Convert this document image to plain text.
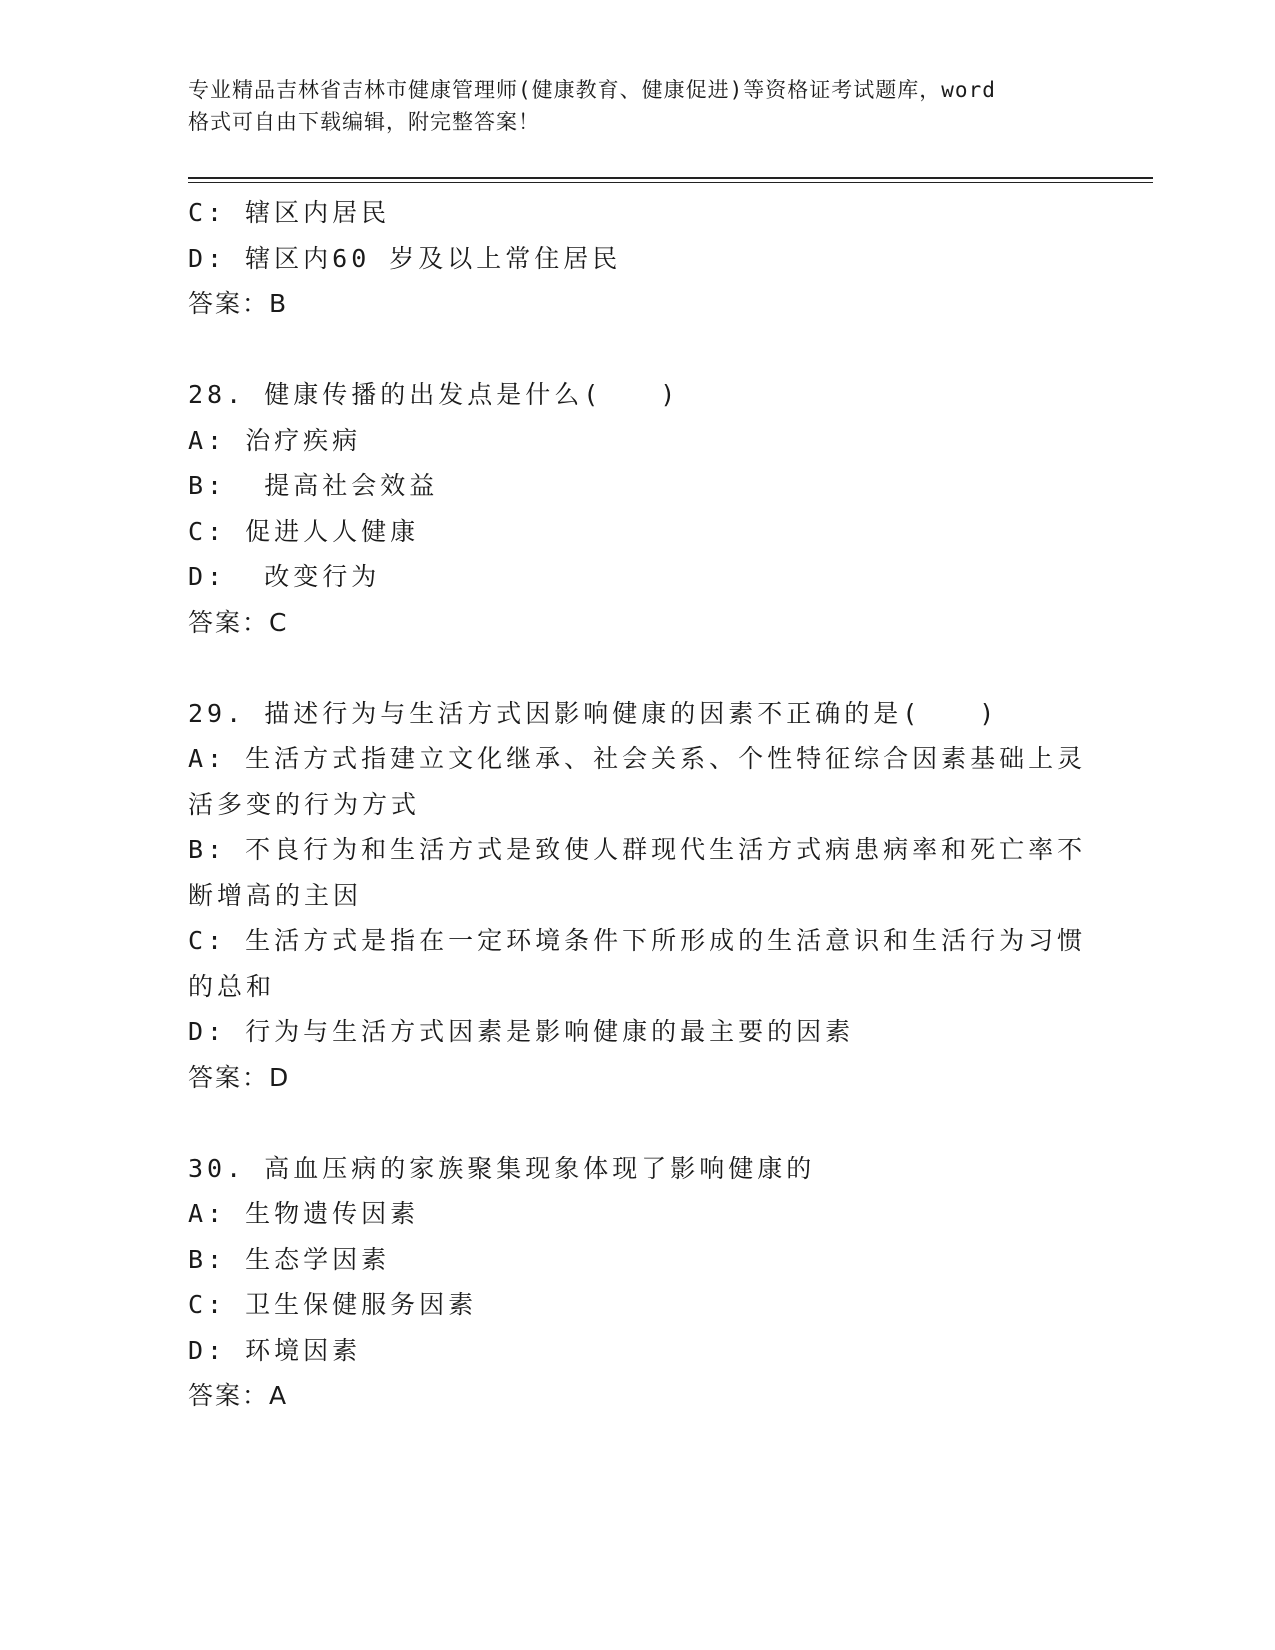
专业精品吉林省吉林市健康管理师(健康教育、健康促进)等资格证考试题库，word
格式可自由下载编辑，附完整答案！
C: 辖区内居民
D: 辖区内60 岁及以上常住居民
答案：B
28. 健康传播的出发点是什么(　　)
A: 治疗疾病
B:  提高社会效益
C: 促进人人健康
D:  改变行为
答案：C
29. 描述行为与生活方式因影响健康的因素不正确的是(　　)
A: 生活方式指建立文化继承、社会关系、个性特征综合因素基础上灵
活多变的行为方式
B: 不良行为和生活方式是致使人群现代生活方式病患病率和死亡率不
断增高的主因
C: 生活方式是指在一定环境条件下所形成的生活意识和生活行为习惯
的总和
D: 行为与生活方式因素是影响健康的最主要的因素
答案：D
30. 高血压病的家族聚集现象体现了影响健康的
A: 生物遗传因素
B: 生态学因素
C: 卫生保健服务因素
D: 环境因素
答案：A
